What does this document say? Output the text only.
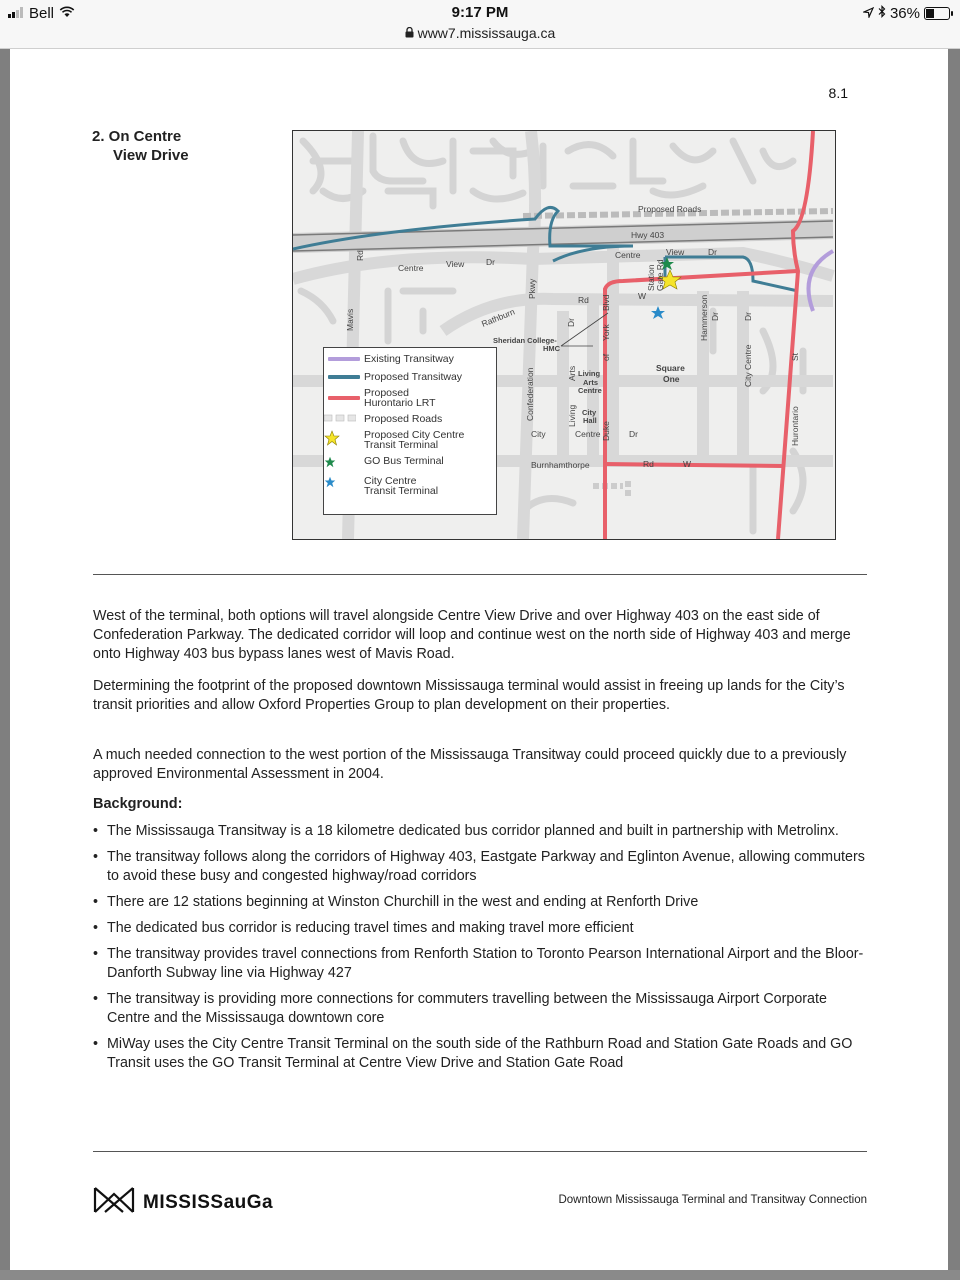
Bell	9:17 PM
www7.mississauga.ca
36%
8.1
2. On Centre
View Drive
Proposed Roads
Hwy 403
Centre	View	Dr
Centre	View	Dr
Rd
Mavis
Pkwy
Confederation
Rathburn
Rd	W
Dr
Duke
of
York
Blvd
Station Gate Rd
Hammerson Dr
City Centre
Dr
Hurontario
St
Arts
Living
Sheridan College-
HMC
Square
One
Living
Arts
Centre
City
Hall
City	Centre	Dr
Burnhamthorpe	Rd	W
Existing Transitway
Proposed Transitway
Proposed
Hurontario LRT
Proposed Roads
Proposed City Centre
Transit Terminal
GO Bus Terminal
City Centre
Transit Terminal
West of the terminal, both options will travel alongside Centre View Drive and over Highway 403 on the east side of Confederation Parkway. The dedicated corridor will loop and continue west on the north side of Highway 403 and merge onto Highway 403 bus bypass lanes west of Mavis Road.
Determining the footprint of the proposed downtown Mississauga terminal would assist in freeing up lands for the City’s transit priorities and allow Oxford Properties Group to plan development on their properties.
A much needed connection to the west portion of the Mississauga Transitway could proceed quickly due to a previously approved Environmental Assessment in 2004.
Background:
• The Mississauga Transitway is a 18 kilometre dedicated bus corridor planned and built in partnership with Metrolinx.
• The transitway follows along the corridors of Highway 403, Eastgate Parkway and Eglinton Avenue, allowing commuters to avoid these busy and congested highway/road corridors
• There are 12 stations beginning at Winston Churchill in the west and ending at Renforth Drive
• The dedicated bus corridor is reducing travel times and making travel more efficient
• The transitway provides travel connections from Renforth Station to Toronto Pearson International Airport and the Bloor-Danforth Subway line via Highway 427
• The transitway is providing more connections for commuters travelling between the Mississauga Airport Corporate Centre and the Mississauga downtown core
• MiWay uses the City Centre Transit Terminal on the south side of the Rathburn Road and Station Gate Roads and GO Transit uses the GO Transit Terminal at Centre View Drive and Station Gate Road
MISSISSauGa	Downtown Mississauga Terminal and Transitway Connection
